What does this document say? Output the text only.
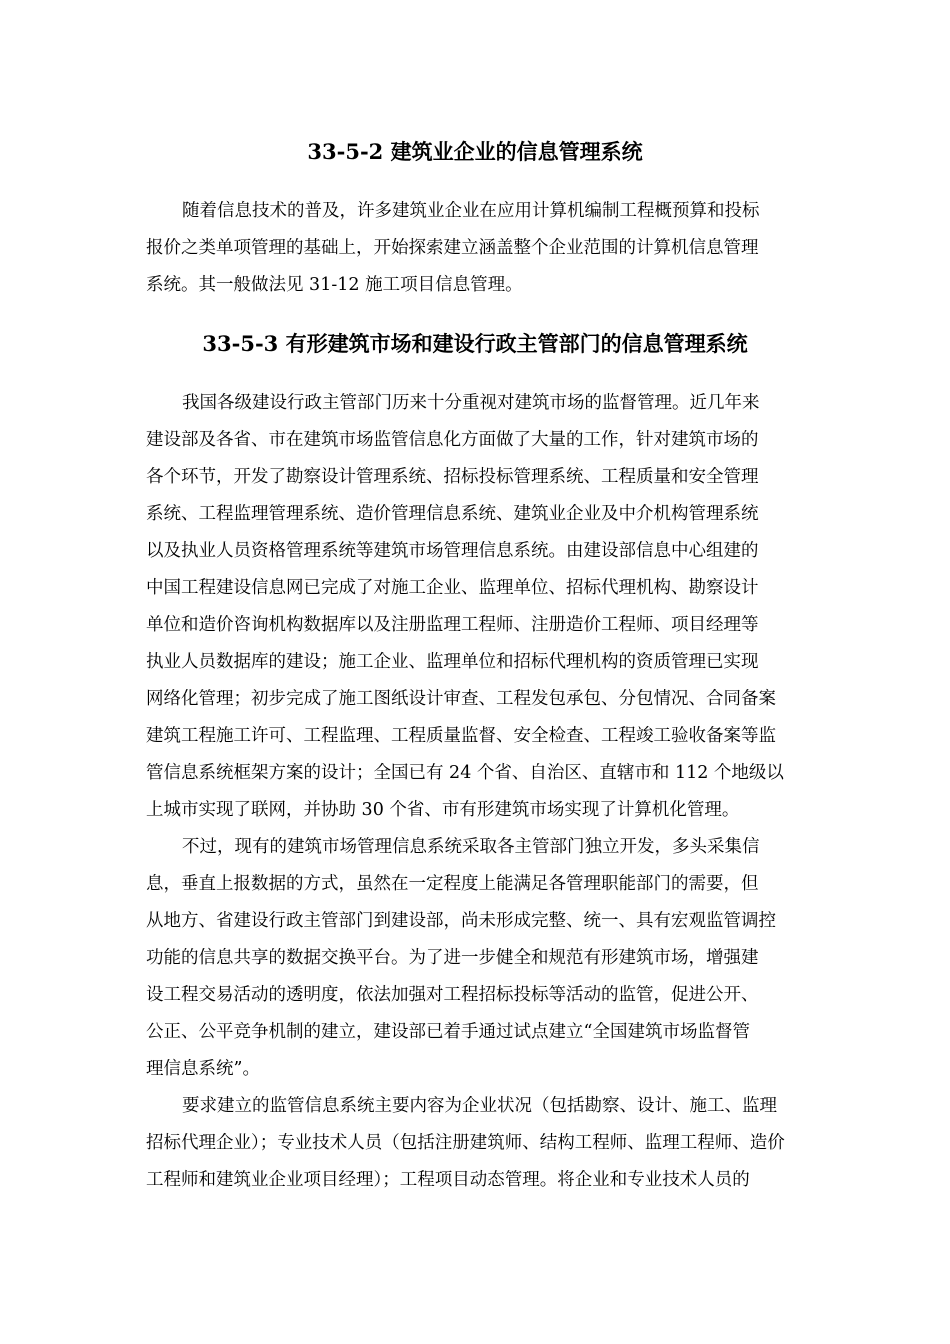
33-5-2 建筑业企业的信息管理系统
随着信息技术的普及，许多建筑业企业在应用计算机编制工程概预算和投标
报价之类单项管理的基础上，开始探索建立涵盖整个企业范围的计算机信息管理
系统。其一般做法见 31-12 施工项目信息管理。
33-5-3 有形建筑市场和建设行政主管部门的信息管理系统
我国各级建设行政主管部门历来十分重视对建筑市场的监督管理。近几年来
建设部及各省、市在建筑市场监管信息化方面做了大量的工作，针对建筑市场的
各个环节，开发了勘察设计管理系统、招标投标管理系统、工程质量和安全管理
系统、工程监理管理系统、造价管理信息系统、建筑业企业及中介机构管理系统
以及执业人员资格管理系统等建筑市场管理信息系统。由建设部信息中心组建的
中国工程建设信息网已完成了对施工企业、监理单位、招标代理机构、勘察设计
单位和造价咨询机构数据库以及注册监理工程师、注册造价工程师、项目经理等
执业人员数据库的建设；施工企业、监理单位和招标代理机构的资质管理已实现
网络化管理；初步完成了施工图纸设计审查、工程发包承包、分包情况、合同备案
建筑工程施工许可、工程监理、工程质量监督、安全检查、工程竣工验收备案等监
管信息系统框架方案的设计；全国已有 24 个省、自治区、直辖市和 112 个地级以
上城市实现了联网，并协助 30 个省、市有形建筑市场实现了计算机化管理。
不过，现有的建筑市场管理信息系统采取各主管部门独立开发，多头采集信
息，垂直上报数据的方式，虽然在一定程度上能满足各管理职能部门的需要，但
从地方、省建设行政主管部门到建设部，尚未形成完整、统一、具有宏观监管调控
功能的信息共享的数据交换平台。为了进一步健全和规范有形建筑市场，增强建
设工程交易活动的透明度，依法加强对工程招标投标等活动的监管，促进公开、
公正、公平竞争机制的建立，建设部已着手通过试点建立“全国建筑市场监督管
理信息系统”。
要求建立的监管信息系统主要内容为企业状况（包括勘察、设计、施工、监理
招标代理企业）；专业技术人员（包括注册建筑师、结构工程师、监理工程师、造价
工程师和建筑业企业项目经理）；工程项目动态管理。将企业和专业技术人员的
